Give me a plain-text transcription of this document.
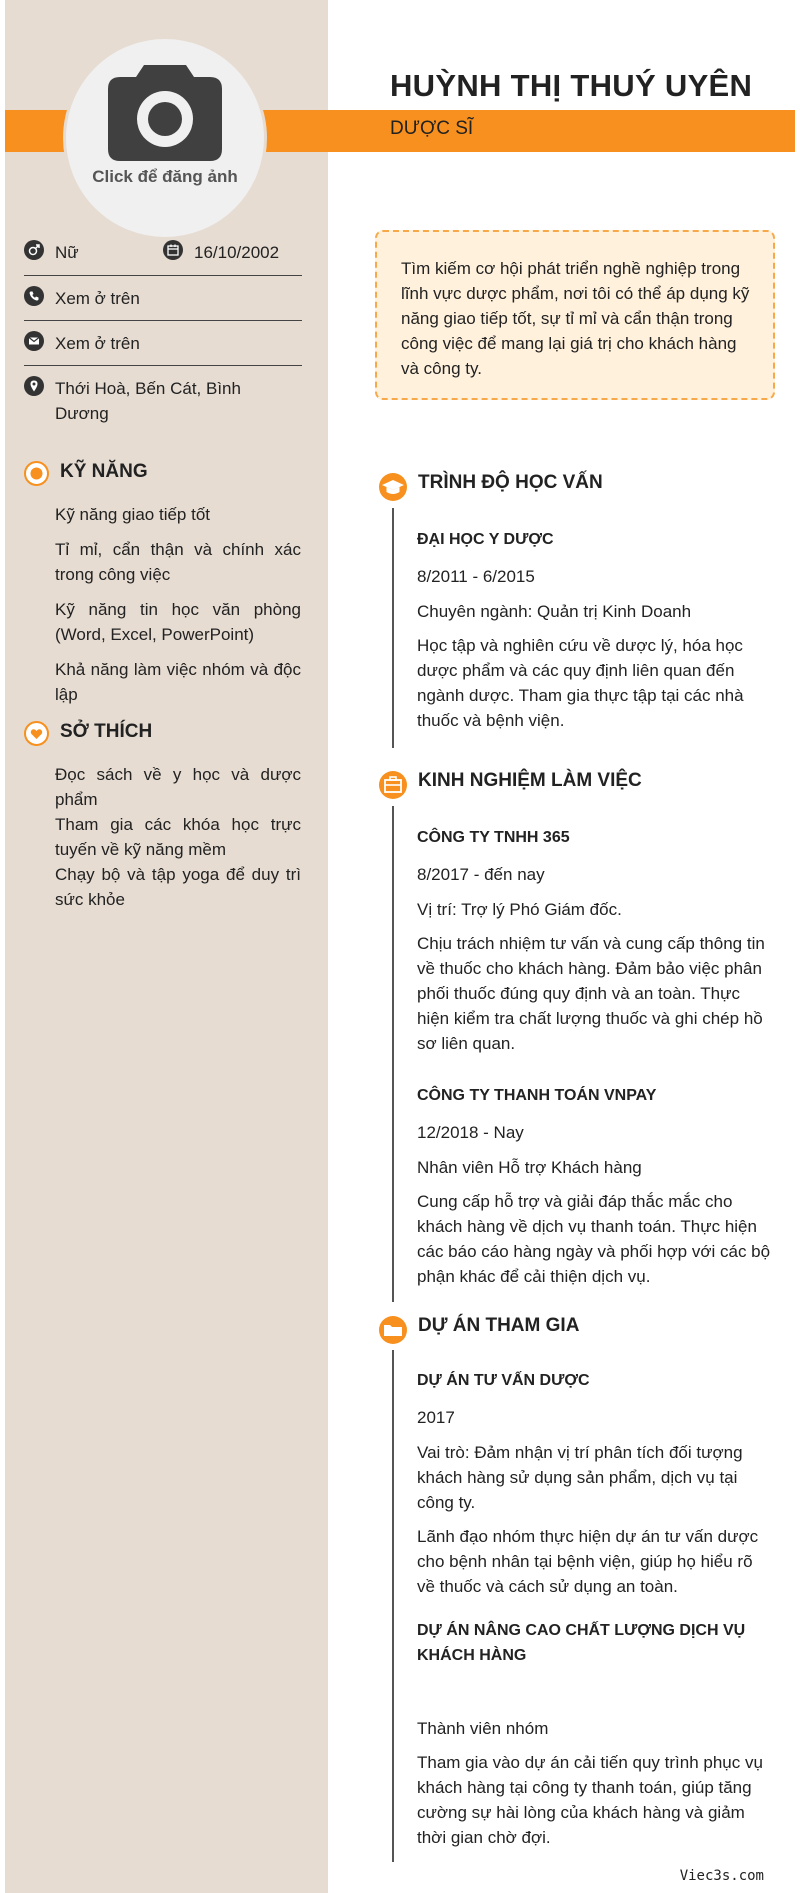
Click để đăng ảnh
HUỲNH THỊ THUÝ UYÊN
DƯỢC SĨ
Nữ	16/10/2002
Xem ở trên
Xem ở trên
Thới Hoà, Bến Cát, Bình Dương
KỸ NĂNG
Kỹ năng giao tiếp tốt
Tỉ mỉ, cẩn thận và chính xác trong công việc
Kỹ năng tin học văn phòng (Word, Excel, PowerPoint)
Khả năng làm việc nhóm và độc lập
SỞ THÍCH
Đọc sách về y học và dược phẩm
Tham gia các khóa học trực tuyến về kỹ năng mềm
Chạy bộ và tập yoga để duy trì sức khỏe
Tìm kiếm cơ hội phát triển nghề nghiệp trong lĩnh vực dược phẩm, nơi tôi có thể áp dụng kỹ năng giao tiếp tốt, sự tỉ mỉ và cẩn thận trong công việc để mang lại giá trị cho khách hàng và công ty.
TRÌNH ĐỘ HỌC VẤN
ĐẠI HỌC Y DƯỢC
8/2011 - 6/2015
Chuyên ngành: Quản trị Kinh Doanh
Học tập và nghiên cứu về dược lý, hóa học dược phẩm và các quy định liên quan đến ngành dược. Tham gia thực tập tại các nhà thuốc và bệnh viện.
KINH NGHIỆM LÀM VIỆC
CÔNG TY TNHH 365
8/2017 - đến nay
Vị trí: Trợ lý Phó Giám đốc.
Chịu trách nhiệm tư vấn và cung cấp thông tin về thuốc cho khách hàng. Đảm bảo việc phân phối thuốc đúng quy định và an toàn. Thực hiện kiểm tra chất lượng thuốc và ghi chép hồ sơ liên quan.
CÔNG TY THANH TOÁN VNPAY
12/2018 - Nay
Nhân viên Hỗ trợ Khách hàng
Cung cấp hỗ trợ và giải đáp thắc mắc cho khách hàng về dịch vụ thanh toán. Thực hiện các báo cáo hàng ngày và phối hợp với các bộ phận khác để cải thiện dịch vụ.
DỰ ÁN THAM GIA
DỰ ÁN TƯ VẤN DƯỢC
2017
Vai trò: Đảm nhận vị trí phân tích đối tượng khách hàng sử dụng sản phẩm, dịch vụ tại công ty.
Lãnh đạo nhóm thực hiện dự án tư vấn dược cho bệnh nhân tại bệnh viện, giúp họ hiểu rõ về thuốc và cách sử dụng an toàn.
DỰ ÁN NÂNG CAO CHẤT LƯỢNG DỊCH VỤ KHÁCH HÀNG
Thành viên nhóm
Tham gia vào dự án cải tiến quy trình phục vụ khách hàng tại công ty thanh toán, giúp tăng cường sự hài lòng của khách hàng và giảm thời gian chờ đợi.
Viec3s.com
